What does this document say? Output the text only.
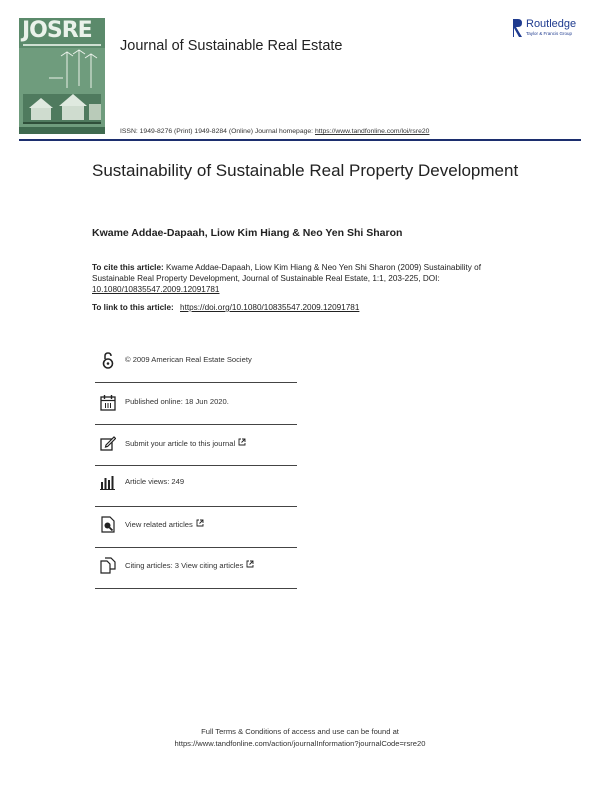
JOSRE
Journal of Sustainable Real Estate
Routledge
Taylor & Francis Group
ISSN: 1949-8276 (Print) 1949-8284 (Online) Journal homepage: https://www.tandfonline.com/loi/rsre20
Sustainability of Sustainable Real Property Development
Kwame Addae-Dapaah, Liow Kim Hiang & Neo Yen Shi Sharon
To cite this article: Kwame Addae-Dapaah, Liow Kim Hiang & Neo Yen Shi Sharon (2009) Sustainability of Sustainable Real Property Development, Journal of Sustainable Real Estate, 1:1, 203-225, DOI: 10.1080/10835547.2009.12091781
To link to this article: https://doi.org/10.1080/10835547.2009.12091781
© 2009 American Real Estate Society
Published online: 18 Jun 2020.
Submit your article to this journal
Article views: 249
View related articles
Citing articles: 3 View citing articles
Full Terms & Conditions of access and use can be found at
https://www.tandfonline.com/action/journalInformation?journalCode=rsre20
